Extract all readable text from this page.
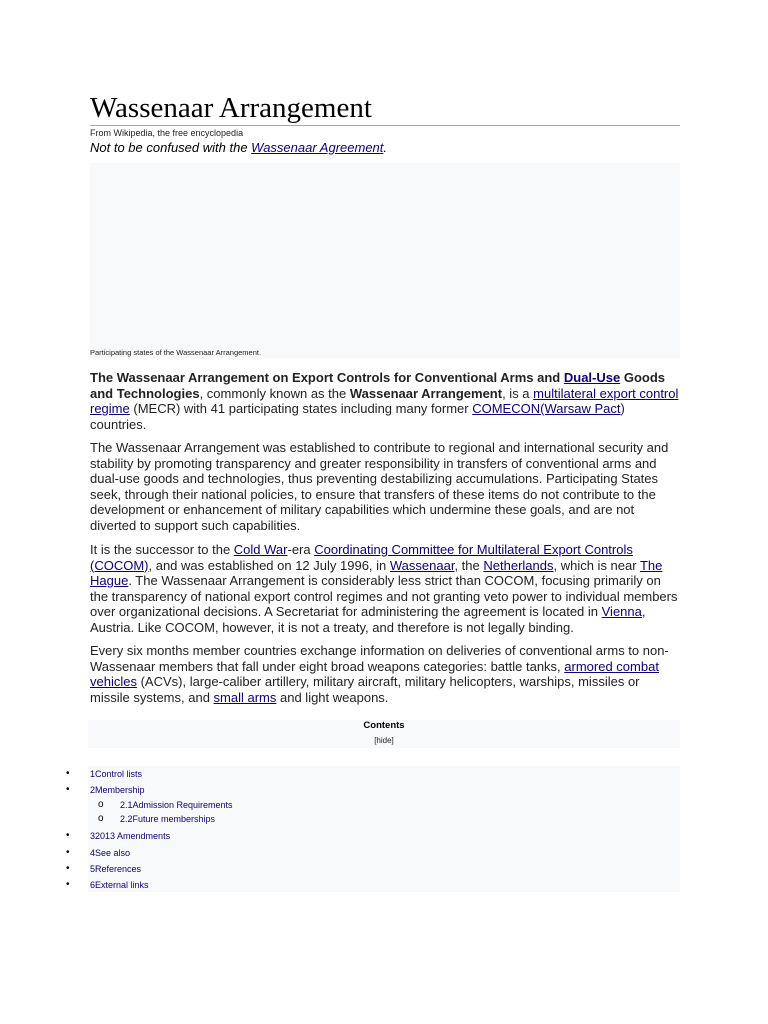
Wassenaar Arrangement
From Wikipedia, the free encyclopedia
Not to be confused with the Wassenaar Agreement.
Participating states of the Wassenaar Arrangement.

The Wassenaar Arrangement on Export Controls for Conventional Arms and Dual-Use Goods and Technologies, commonly known as the Wassenaar Arrangement, is a multilateral export control regime (MECR) with 41 participating states including many former COMECON(Warsaw Pact) countries.

The Wassenaar Arrangement was established to contribute to regional and international security and stability by promoting transparency and greater responsibility in transfers of conventional arms and dual-use goods and technologies, thus preventing destabilizing accumulations. Participating States seek, through their national policies, to ensure that transfers of these items do not contribute to the development or enhancement of military capabilities which undermine these goals, and are not diverted to support such capabilities.

It is the successor to the Cold War-era Coordinating Committee for Multilateral Export Controls (COCOM), and was established on 12 July 1996, in Wassenaar, the Netherlands, which is near The Hague. The Wassenaar Arrangement is considerably less strict than COCOM, focusing primarily on the transparency of national export control regimes and not granting veto power to individual members over organizational decisions. A Secretariat for administering the agreement is located in Vienna, Austria. Like COCOM, however, it is not a treaty, and therefore is not legally binding.

Every six months member countries exchange information on deliveries of conventional arms to non-Wassenaar members that fall under eight broad weapons categories: battle tanks, armored combat vehicles (ACVs), large-caliber artillery, military aircraft, military helicopters, warships, missiles or missile systems, and small arms and light weapons.

Contents
[hide]
• 1Control lists
• 2Membership
o 2.1Admission Requirements
o 2.2Future memberships
• 32013 Amendments
• 4See also
• 5References
• 6External links
